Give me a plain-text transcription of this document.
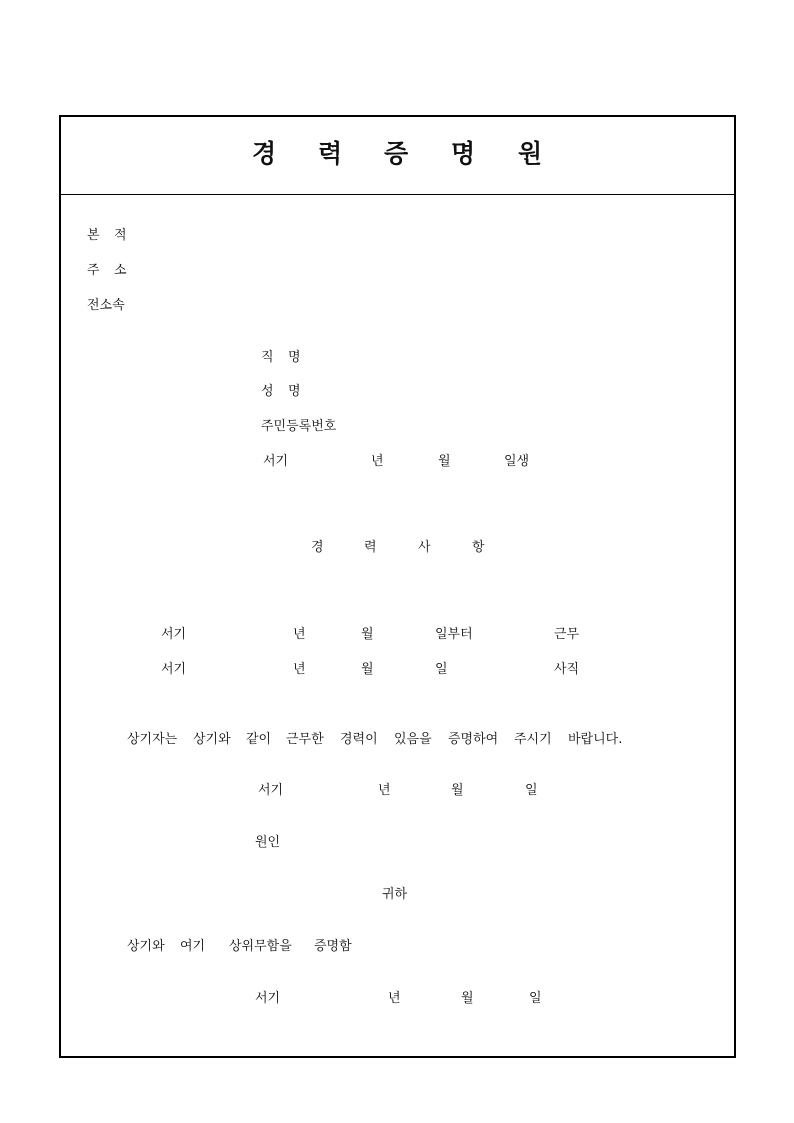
경 력 증 명 원
본 적
주 소
전소속
직 명
성 명
주민등록번호
서기	년	월	일생
경	력	사	항
서기	년	월	일부터	근무
서기	년	월	일	사직
상기자는 상기와 같이 근무한 경력이 있음을 증명하여 주시기 바랍니다.
서기	년	월	일
원인
귀하
상기와 여기 상위무함을 증명함
서기	년	월	일
